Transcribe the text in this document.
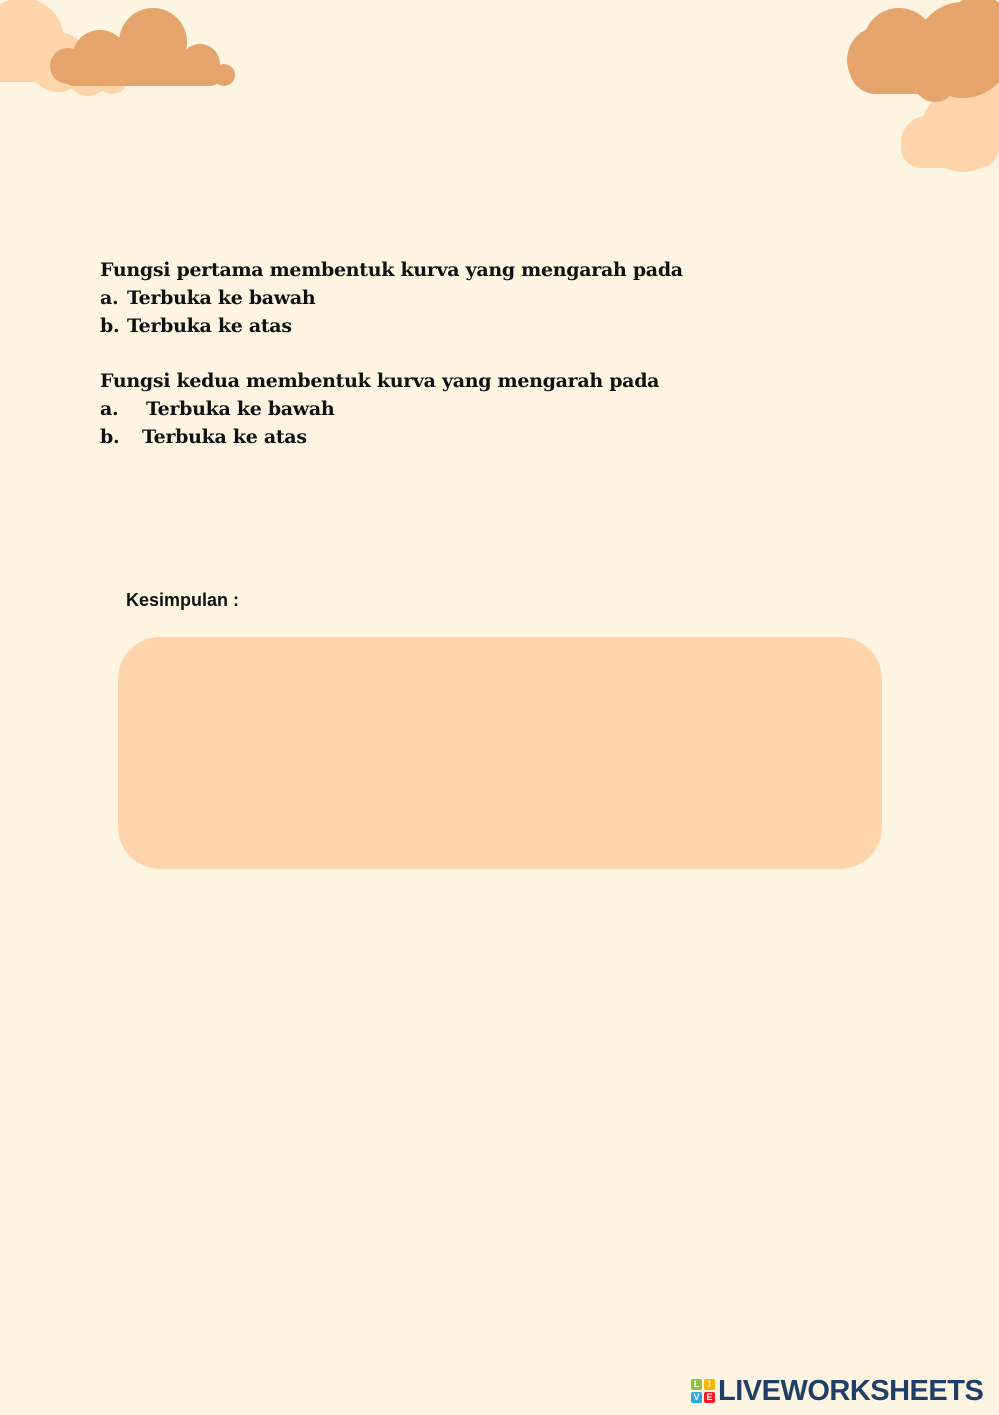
Fungsi pertama membentuk kurva yang mengarah pada
a. Terbuka ke bawah
b. Terbuka ke atas
Fungsi kedua membentuk kurva yang mengarah pada
a.	Terbuka ke bawah
b.	Terbuka ke atas
Kesimpulan :
L I
V E LIVEWORKSHEETS
